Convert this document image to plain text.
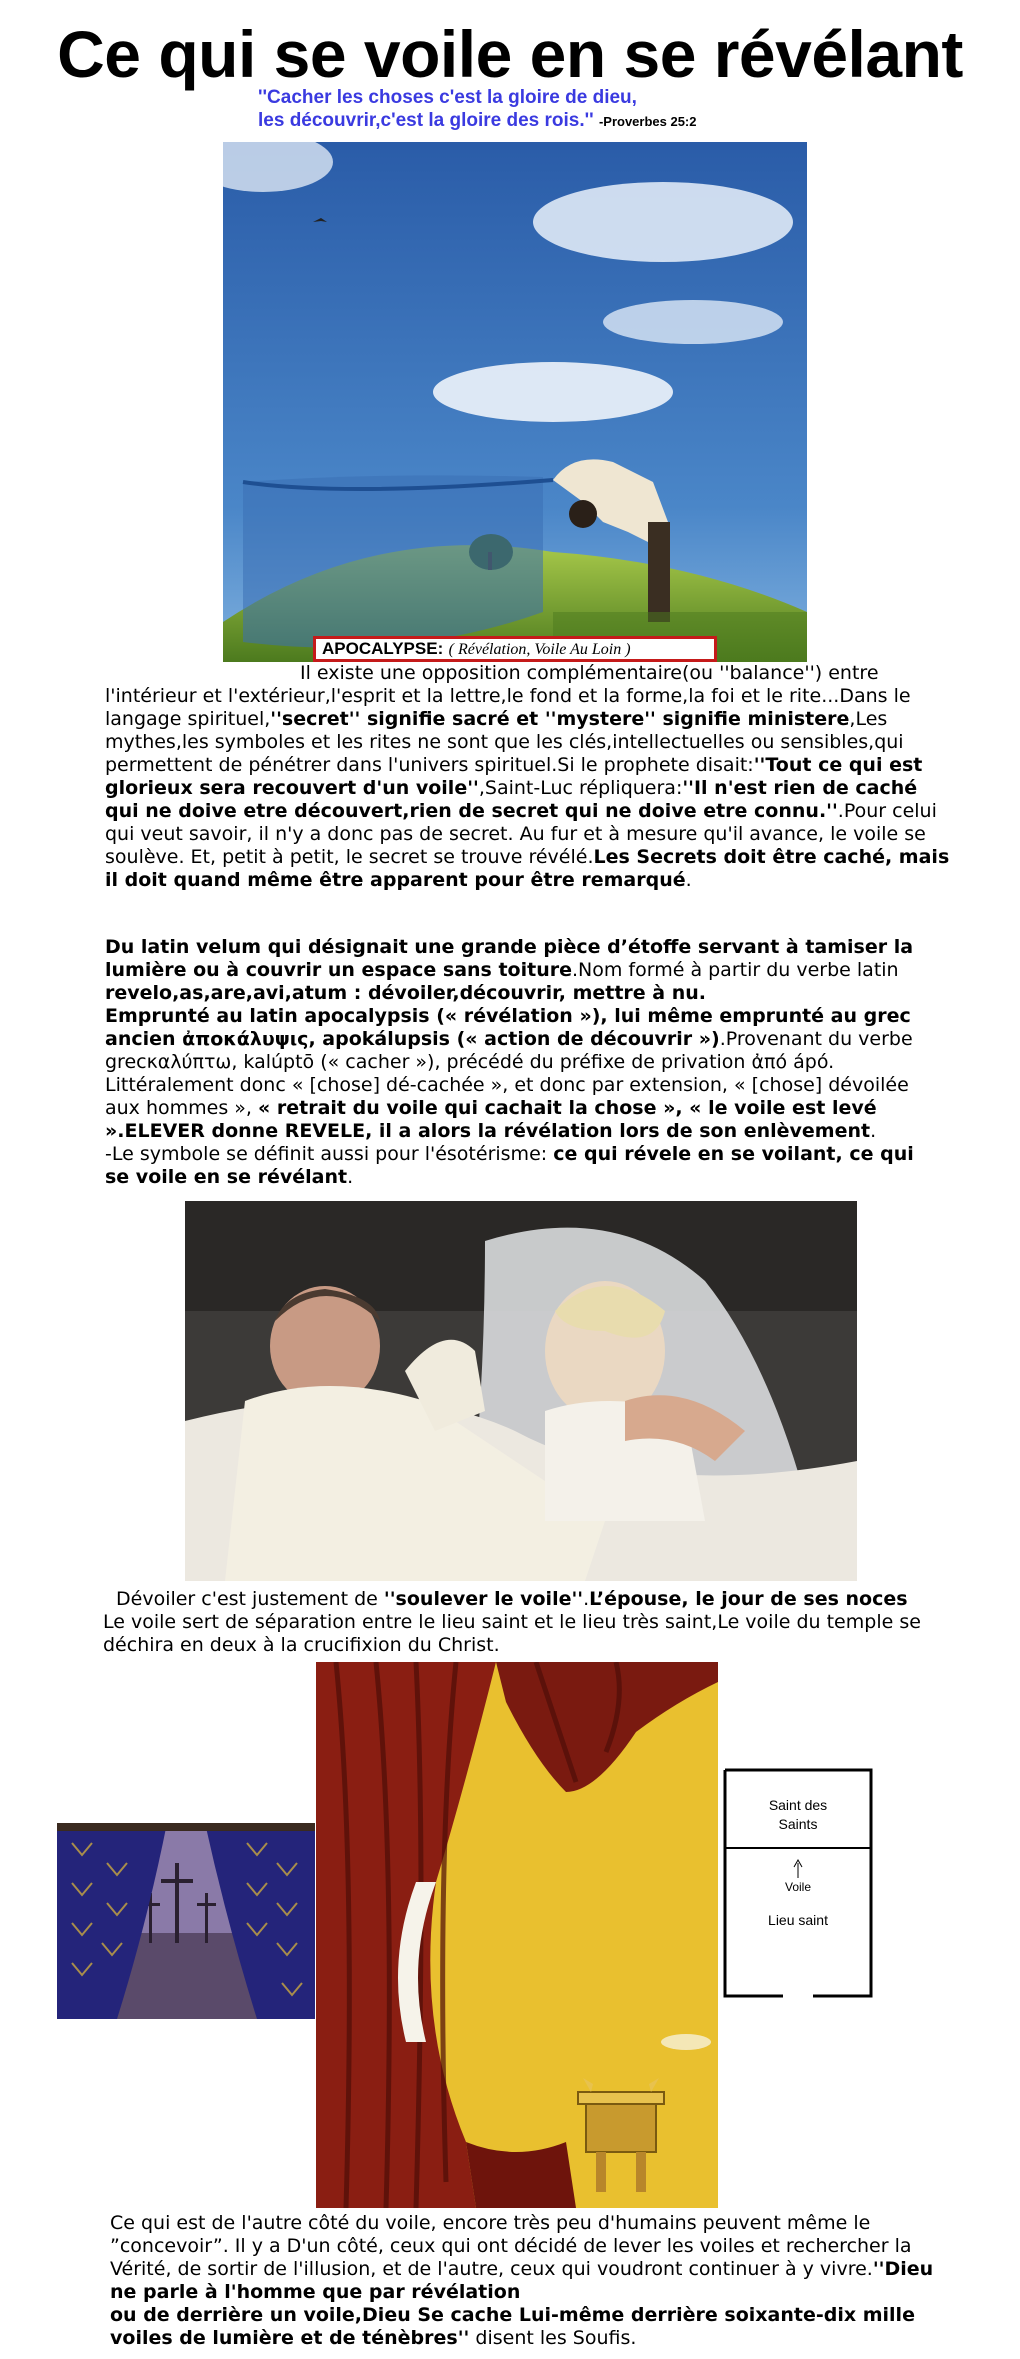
Ce qui se voile en se révélant
''Cacher les choses c'est la gloire de dieu,
les découvrir,c'est la gloire des rois.'' -Proverbes 25:2
APOCALYPSE: ( Révélation, Voile Au Loin )
Il existe une opposition complémentaire(ou ''balance'') entre l'intérieur et l'extérieur,l'esprit et la lettre,le fond et la forme,la foi et le rite...Dans le langage spirituel,''secret'' signifie sacré et ''mystere'' signifie ministere,Les mythes,les symboles et les rites ne sont que les clés,intellectuelles ou sensibles,qui permettent de pénétrer dans l'univers spirituel.Si le prophete disait:''Tout ce qui est glorieux sera recouvert d'un voile'',Saint-Luc répliquera:''Il n'est rien de caché qui ne doive etre découvert,rien de secret qui ne doive etre connu.''.Pour celui qui veut savoir, il n'y a donc pas de secret. Au fur et à mesure qu'il avance, le voile se soulève. Et, petit à petit, le secret se trouve révélé.Les Secrets doit être caché, mais il doit quand même être apparent pour être remarqué.
Du latin velum qui désignait une grande pièce d’étoffe servant à tamiser la lumière ou à couvrir un espace sans toiture.Nom formé à partir du verbe latin revelo,as,are,avi,atum : dévoiler,découvrir, mettre à nu.
Emprunté au latin apocalypsis (« révélation »), lui même emprunté au grec ancien ἀποκάλυψις, apokálupsis (« action de découvrir »).Provenant du verbe grecκαλύπτω, kalúptō (« cacher »), précédé du préfixe de privation ἀπό ápó. Littéralement donc « [chose] dé-cachée », et donc par extension, « [chose] dévoilée aux hommes », « retrait du voile qui cachait la chose », « le voile est levé ».ELEVER donne REVELE, il a alors la révélation lors de son enlèvement.
-Le symbole se définit aussi pour l'ésotérisme: ce qui révele en se voilant, ce qui se voile en se révélant.
Dévoiler c'est justement de ''soulever le voile''.L’épouse, le jour de ses noces
Le voile sert de séparation entre le lieu saint et le lieu très saint,Le voile du temple se déchira en deux à la crucifixion du Christ.
Saint des
Saints
Voile
Lieu saint
Ce qui est de l'autre côté du voile, encore très peu d'humains peuvent même le ”concevoir”. Il y a D'un côté, ceux qui ont décidé de lever les voiles et rechercher la Vérité, de sortir de l'illusion, et de l'autre, ceux qui voudront continuer à y vivre.''Dieu ne parle à l'homme que par révélation
ou de derrière un voile,Dieu Se cache Lui-même derrière soixante-dix mille voiles de lumière et de ténèbres'' disent les Soufis.
